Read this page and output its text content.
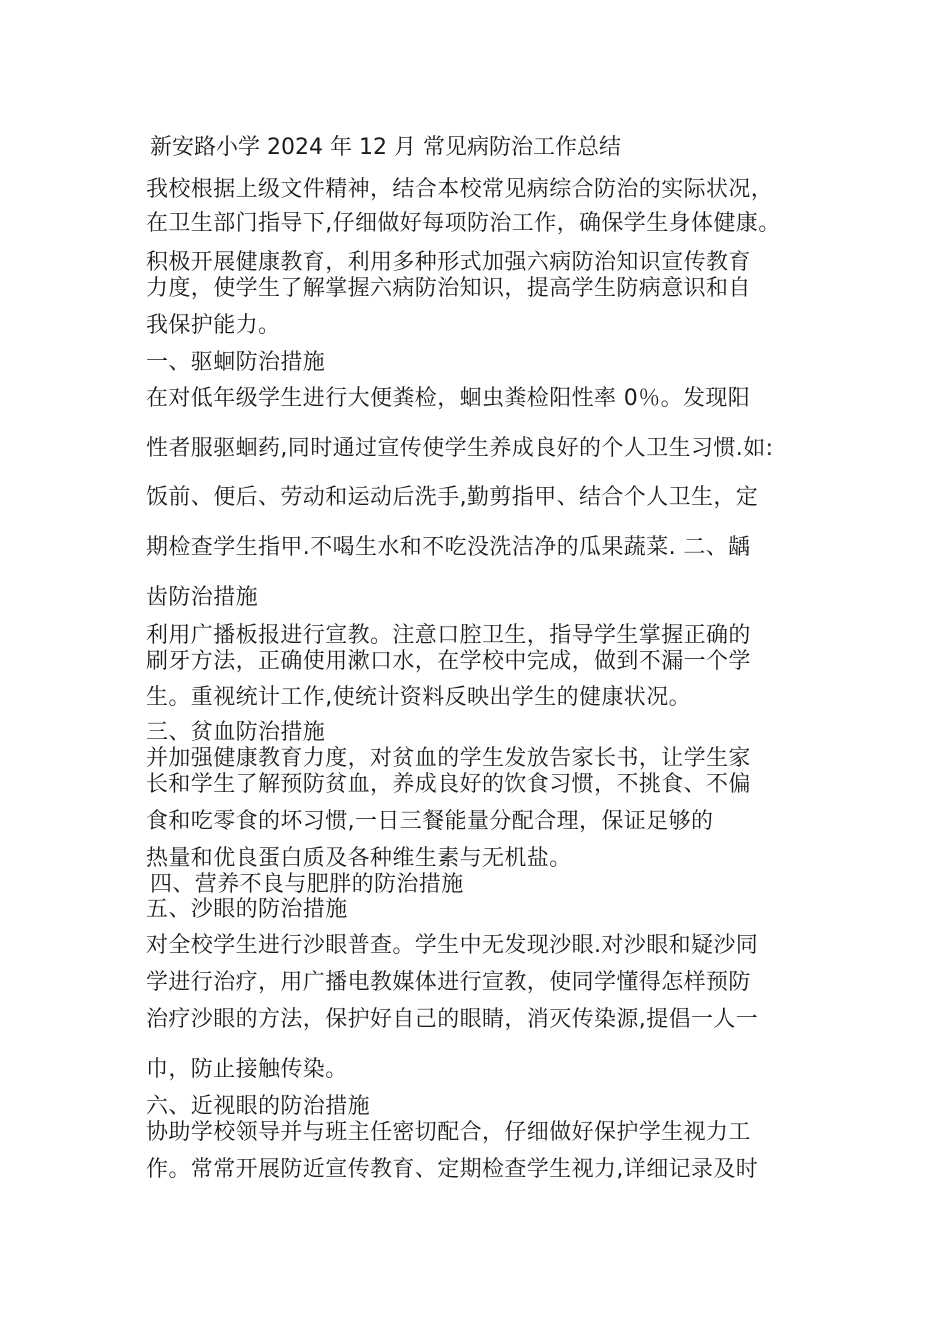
新安路小学 2024 年 12 月 常见病防治工作总结
我校根据上级文件精神，结合本校常见病综合防治的实际状况，
在卫生部门指导下,仔细做好每项防治工作，确保学生身体健康。
积极开展健康教育，利用多种形式加强六病防治知识宣传教育
力度，使学生了解掌握六病防治知识，提高学生防病意识和自
我保护能力。
一、驱蛔防治措施
在对低年级学生进行大便粪检，蛔虫粪检阳性率 0％。发现阳
性者服驱蛔药,同时通过宣传使学生养成良好的个人卫生习惯.如:
饭前、便后、劳动和运动后洗手,勤剪指甲、结合个人卫生，定
期检查学生指甲.不喝生水和不吃没洗洁净的瓜果蔬菜. 二、龋
齿防治措施
利用广播板报进行宣教。注意口腔卫生，指导学生掌握正确的
刷牙方法，正确使用漱口水，在学校中完成，做到不漏一个学
生。重视统计工作,使统计资料反映出学生的健康状况。
三、贫血防治措施
并加强健康教育力度，对贫血的学生发放告家长书，让学生家
长和学生了解预防贫血，养成良好的饮食习惯，不挑食、不偏
食和吃零食的坏习惯,一日三餐能量分配合理，保证足够的
热量和优良蛋白质及各种维生素与无机盐。
四、营养不良与肥胖的防治措施
五、沙眼的防治措施
对全校学生进行沙眼普查。学生中无发现沙眼.对沙眼和疑沙同
学进行治疗，用广播电教媒体进行宣教，使同学懂得怎样预防
治疗沙眼的方法，保护好自己的眼睛，消灭传染源,提倡一人一
巾，防止接触传染。
六、近视眼的防治措施
协助学校领导并与班主任密切配合，仔细做好保护学生视力工
作。常常开展防近宣传教育、定期检查学生视力,详细记录及时
